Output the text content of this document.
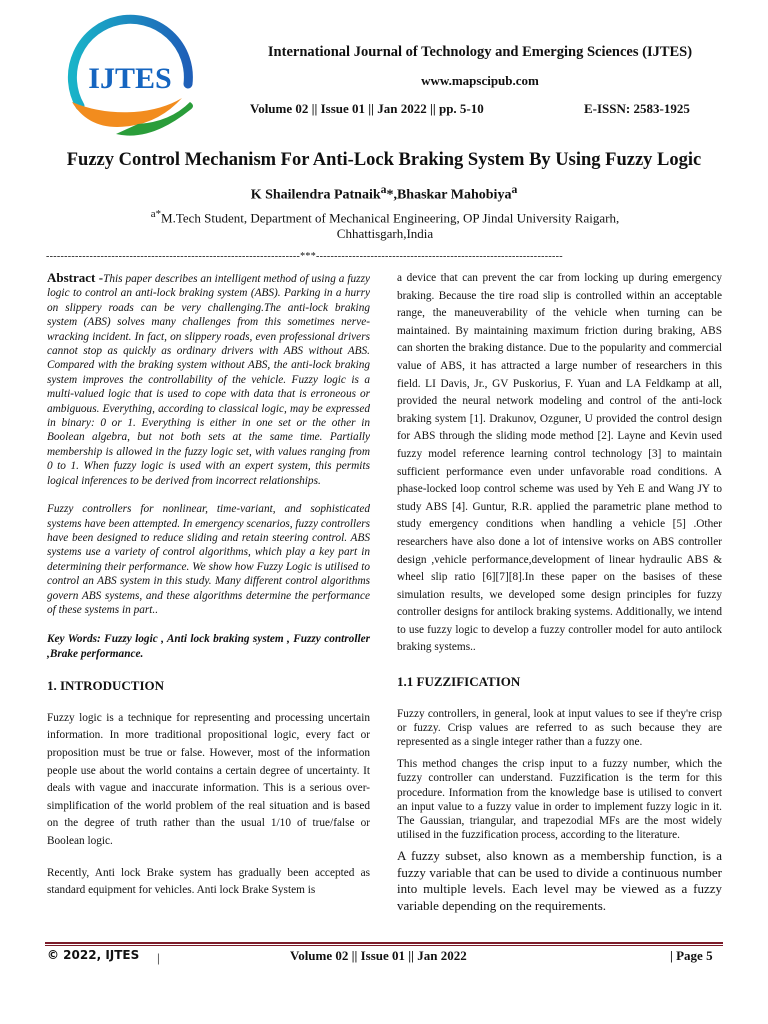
IJTES
International Journal of Technology and Emerging Sciences (IJTES)
www.mapscipub.com
Volume 02 || Issue 01 || Jan 2022 || pp. 5-10	E-ISSN: 2583-1925
Fuzzy Control Mechanism For Anti-Lock Braking System By Using Fuzzy Logic
K Shailendra Patnaik$^a$*,Bhaskar Mahobiya$^a$
$^{a*}$M.Tech Student, Department of Mechanical Engineering, OP Jindal University Raigarh, Chhattisgarh,India
----------------------------------------------------------------------***--------------------------------------------------------------------

Abstract -This paper describes an intelligent method of using a fuzzy logic to control an anti-lock braking system (ABS). Parking in a hurry on slippery roads can be very challenging.The anti-lock braking system (ABS) solves many challenges from this sometimes nerve-wracking incident. In fact, on slippery roads, even professional drivers cannot stop as quickly as ordinary drivers with ABS without ABS. Compared with the braking system without ABS, the anti-lock braking system improves the controllability of the vehicle. Fuzzy logic is a multi-valued logic that is used to cope with data that is erroneous or ambiguous. Everything, according to classical logic, may be expressed in binary: 0 or 1. Everything is either in one set or the other in Boolean algebra, but not both sets at the same time. Partially membership is allowed in the fuzzy logic set, with values ranging from 0 to 1. When fuzzy logic is used with an expert system, this permits logical inferences to be derived from incorrect relationships.

Fuzzy controllers for nonlinear, time-variant, and sophisticated systems have been attempted. In emergency scenarios, fuzzy controllers have been designed to reduce sliding and retain steering control. ABS systems use a variety of control algorithms, which play a key part in determining their performance. We show how Fuzzy Logic is utilised to control an ABS system in this study. Many different control algorithms govern ABS systems, and these algorithms determine the performance of these systems in part..

Key Words: Fuzzy logic , Anti lock braking system , Fuzzy controller ,Brake performance.

1. INTRODUCTION

Fuzzy logic is a technique for representing and processing uncertain information. In more traditional propositional logic, every fact or proposition must be true or false. However, most of the information people use about the world contains a certain degree of uncertainty. It deals with vague and inaccurate information. This is a serious over-simplification of the world problem of the real situation and is based on the degree of truth rather than the usual 1/10 of true/false or Boolean logic.

Recently, Anti lock Brake system has gradually been accepted as standard equipment for vehicles. Anti lock Brake System is

a device that can prevent the car from locking up during emergency braking. Because the tire road slip is controlled within an acceptable range, the maneuverability of the vehicle when turning can be maintained. By maintaining maximum friction during braking, ABS can shorten the braking distance. Due to the popularity and commercial value of ABS, it has attracted a large number of researchers in this field. LI Davis, Jr., GV Puskorius, F. Yuan and LA Feldkamp at all, provided the neural network modeling and control of the anti-lock braking system [1]. Drakunov, Ozguner, U provided the control design for ABS through the sliding mode method [2]. Layne and Kevin used fuzzy model reference learning control technology [3] to maintain sufficient performance even under unfavorable road conditions. A phase-locked loop control scheme was used by Yeh E and Wang JY to study ABS [4]. Guntur, R.R. applied the parametric plane method to study emergency conditions when handling a vehicle [5] .Other researchers have also done a lot of intensive works on ABS controller design ,vehicle performance,development of linear hydraulic ABS & wheel slip ratio [6][7][8].In these paper on the basises of these simulation results, we developed some design principles for fuzzy controller designs for antilock braking systems. Additionally, we intend to use fuzzy logic to develop a fuzzy controller model for auto antilock braking systems..

1.1 FUZZIFICATION

Fuzzy controllers, in general, look at input values to see if they're crisp or fuzzy. Crisp values are referred to as such because they are represented as a single integer rather than a fuzzy one.

This method changes the crisp input to a fuzzy number, which the fuzzy controller can understand. Fuzzification is the term for this procedure. Information from the knowledge base is utilised to convert an input value to a fuzzy value in order to implement fuzzy logic in it. The Gaussian, triangular, and trapezodial MFs are the most widely utilised in the fuzzification process, according to the literature.

A fuzzy subset, also known as a membership function, is a fuzzy variable that can be used to divide a continuous number into multiple levels. Each level may be viewed as a fuzzy variable depending on the requirements.

© 2022, IJTES |	Volume 02 || Issue 01 || Jan 2022	| Page 5
